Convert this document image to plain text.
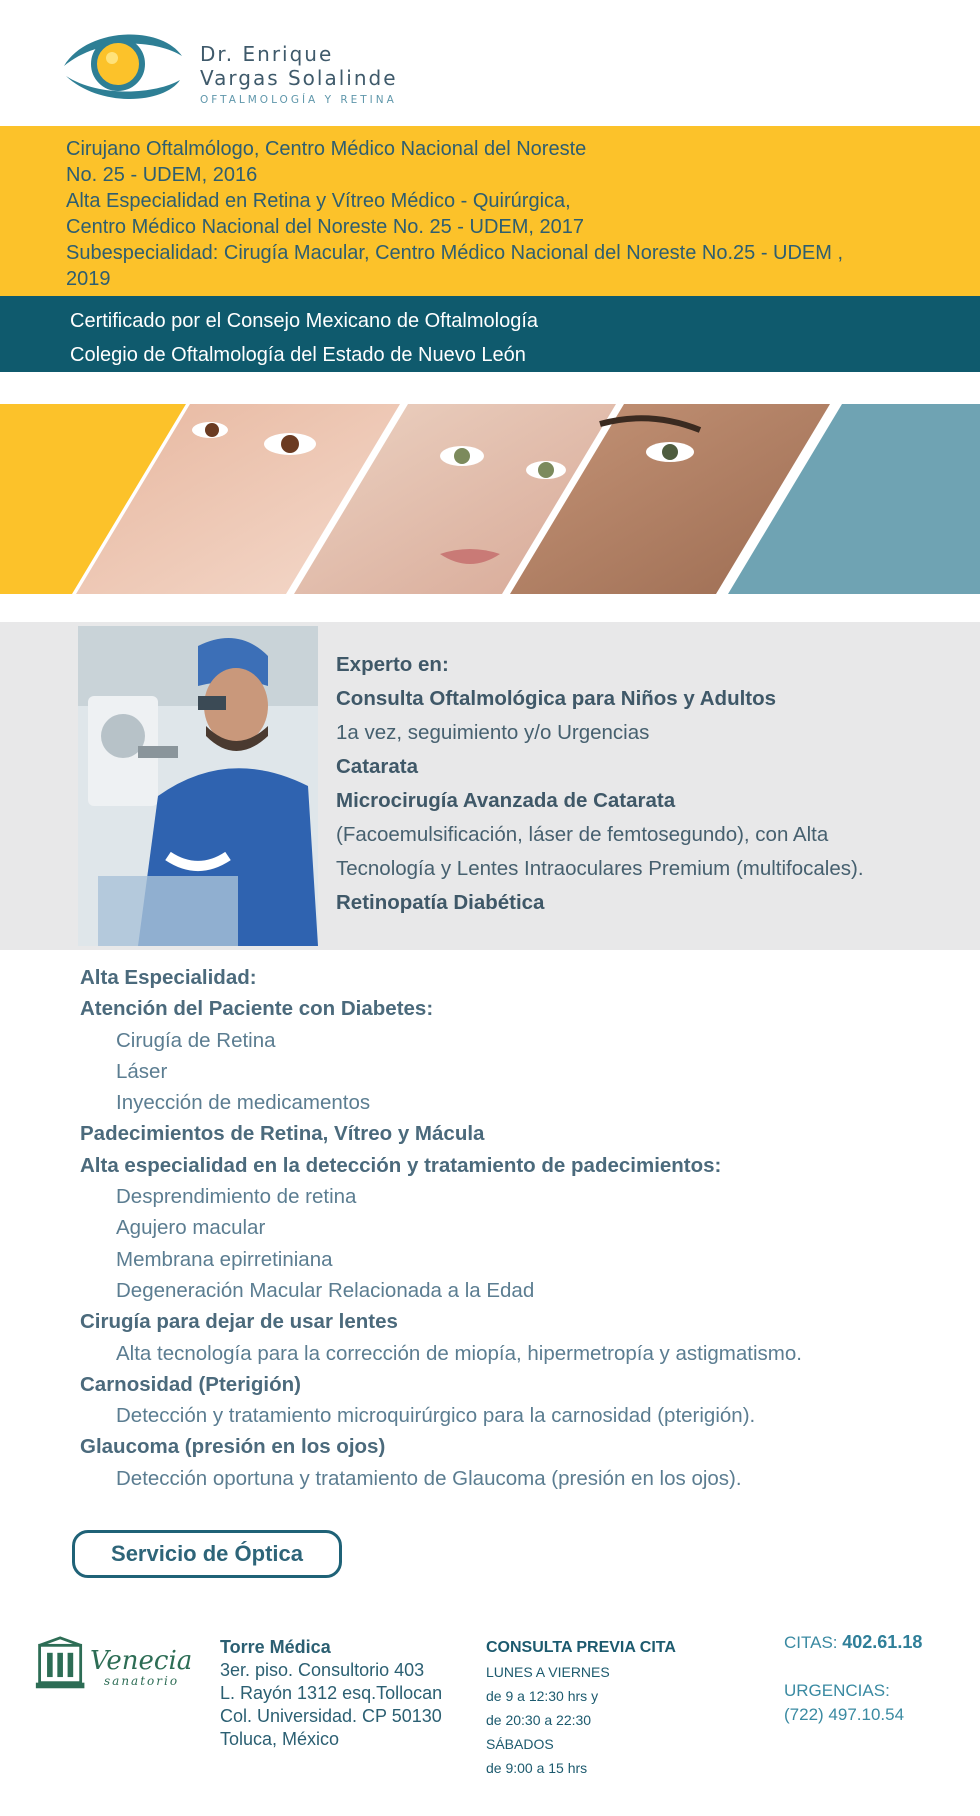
Dr. Enrique
Vargas Solalinde
OFTALMOLOGÍA Y RETINA
Cirujano Oftalmólogo, Centro Médico Nacional del Noreste
No. 25 - UDEM, 2016
Alta Especialidad en Retina y Vítreo Médico - Quirúrgica,
Centro Médico Nacional del Noreste No. 25 - UDEM, 2017
Subespecialidad: Cirugía Macular, Centro Médico Nacional del Noreste No.25 - UDEM ,
2019
Certificado por el Consejo Mexicano de Oftalmología
Colegio de Oftalmología del Estado de Nuevo León
Experto en:
Consulta Oftalmológica para Niños y Adultos
1a vez, seguimiento y/o Urgencias
Catarata
Microcirugía Avanzada de Catarata
(Facoemulsificación, láser de femtosegundo), con Alta
Tecnología y Lentes Intraoculares Premium (multifocales).
Retinopatía Diabética
Alta Especialidad:
Atención del Paciente con Diabetes:
Cirugía de Retina
Láser
Inyección de medicamentos
Padecimientos de Retina, Vítreo y Mácula
Alta especialidad en la detección y tratamiento de padecimientos:
Desprendimiento de retina
Agujero macular
Membrana epirretiniana
Degeneración Macular Relacionada a la Edad
Cirugía para dejar de usar lentes
Alta tecnología para la corrección de miopía, hipermetropía y astigmatismo.
Carnosidad (Pterigión)
Detección y tratamiento microquirúrgico para la carnosidad (pterigión).
Glaucoma (presión en los ojos)
Detección oportuna y tratamiento de Glaucoma (presión en los ojos).
Servicio de Óptica
Venecia
sanatorio
Torre Médica
3er. piso. Consultorio 403
L. Rayón 1312 esq.Tollocan
Col. Universidad. CP 50130
Toluca, México
CONSULTA PREVIA CITA
LUNES A VIERNES
de 9 a 12:30 hrs y
de 20:30 a 22:30
SÁBADOS
de 9:00 a 15 hrs
CITAS: 402.61.18
URGENCIAS:
(722) 497.10.54
